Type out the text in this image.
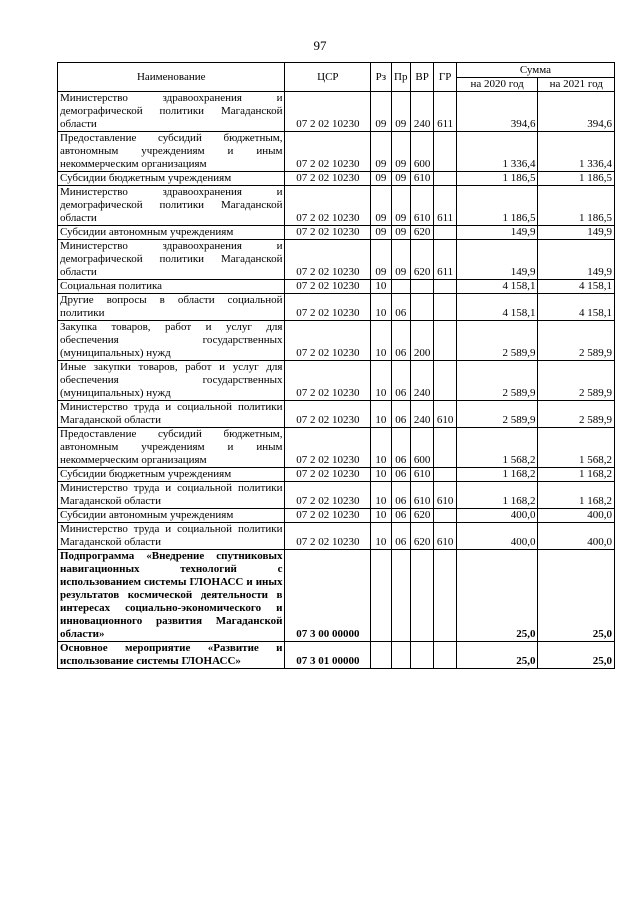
97
Наименование	ЦСР	Рз	Пр	ВР	ГР	Сумма	
						на 2020 год	на 2021 год
Министерство здравоохранения и демографической политики Магаданской области	07 2 02 10230	09	09	240	611	394,6	394,6
Предоставление субсидий бюджетным, автономным учреждениям и иным некоммерческим организациям	07 2 02 10230	09	09	600		1 336,4	1 336,4
Субсидии бюджетным учреждениям	07 2 02 10230	09	09	610		1 186,5	1 186,5
Министерство здравоохранения и демографической политики Магаданской области	07 2 02 10230	09	09	610	611	1 186,5	1 186,5
Субсидии автономным учреждениям	07 2 02 10230	09	09	620		149,9	149,9
Министерство здравоохранения и демографической политики Магаданской области	07 2 02 10230	09	09	620	611	149,9	149,9
Социальная политика	07 2 02 10230	10				4 158,1	4 158,1
Другие вопросы в области социальной политики	07 2 02 10230	10	06			4 158,1	4 158,1
Закупка товаров, работ и услуг для обеспечения государственных (муниципальных) нужд	07 2 02 10230	10	06	200		2 589,9	2 589,9
Иные закупки товаров, работ и услуг для обеспечения государственных (муниципальных) нужд	07 2 02 10230	10	06	240		2 589,9	2 589,9
Министерство труда и социальной политики Магаданской области	07 2 02 10230	10	06	240	610	2 589,9	2 589,9
Предоставление субсидий бюджетным, автономным учреждениям и иным некоммерческим организациям	07 2 02 10230	10	06	600		1 568,2	1 568,2
Субсидии бюджетным учреждениям	07 2 02 10230	10	06	610		1 168,2	1 168,2
Министерство труда и социальной политики Магаданской области	07 2 02 10230	10	06	610	610	1 168,2	1 168,2
Субсидии автономным учреждениям	07 2 02 10230	10	06	620		400,0	400,0
Министерство труда и социальной политики Магаданской области	07 2 02 10230	10	06	620	610	400,0	400,0
Подпрограмма «Внедрение спутниковых навигационных технологий с использованием системы ГЛОНАСС и иных результатов космической деятельности в интересах социально-экономического и инновационного развития Магаданской области»	07 3 00 00000					25,0	25,0
Основное мероприятие «Развитие и использование системы ГЛОНАСС»	07 3 01 00000					25,0	25,0
